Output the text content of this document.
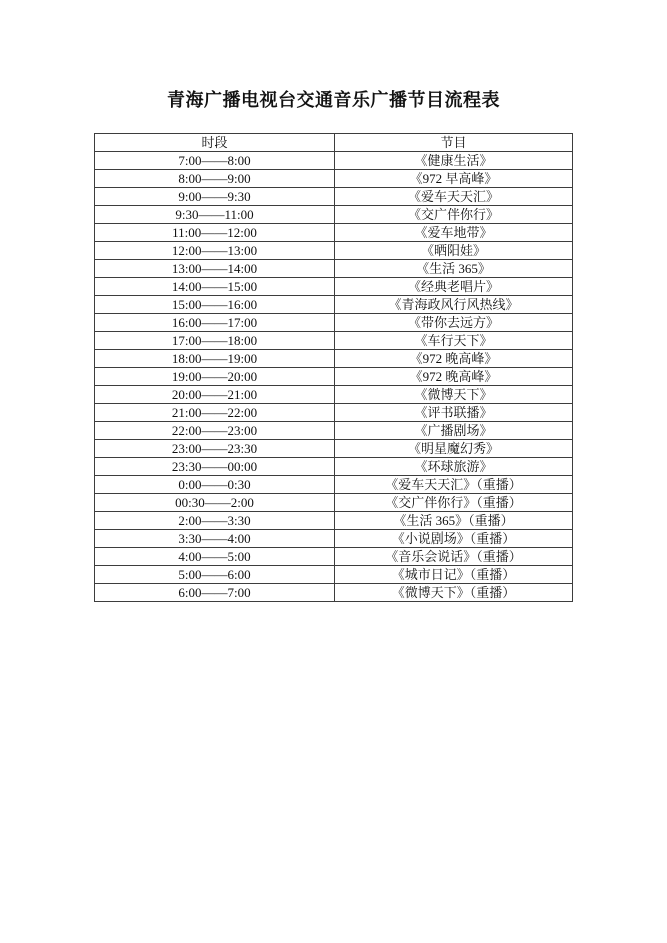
青海广播电视台交通音乐广播节目流程表
时段	节目
7:00——8:00	《健康生活》
8:00——9:00	《972 早高峰》
9:00——9:30	《爱车天天汇》
9:30——11:00	《交广伴你行》
11:00——12:00	《爱车地带》
12:00——13:00	《晒阳娃》
13:00——14:00	《生活 365》
14:00——15:00	《经典老唱片》
15:00——16:00	《青海政风行风热线》
16:00——17:00	《带你去远方》
17:00——18:00	《车行天下》
18:00——19:00	《972 晚高峰》
19:00——20:00	《972 晚高峰》
20:00——21:00	《微博天下》
21:00——22:00	《评书联播》
22:00——23:00	《广播剧场》
23:00——23:30	《明星魔幻秀》
23:30——00:00	《环球旅游》
0:00——0:30	《爱车天天汇》（重播）
00:30——2:00	《交广伴你行》（重播）
2:00——3:30	《生活 365》（重播）
3:30——4:00	《小说剧场》（重播）
4:00——5:00	《音乐会说话》（重播）
5:00——6:00	《城市日记》（重播）
6:00——7:00	《微博天下》（重播）
